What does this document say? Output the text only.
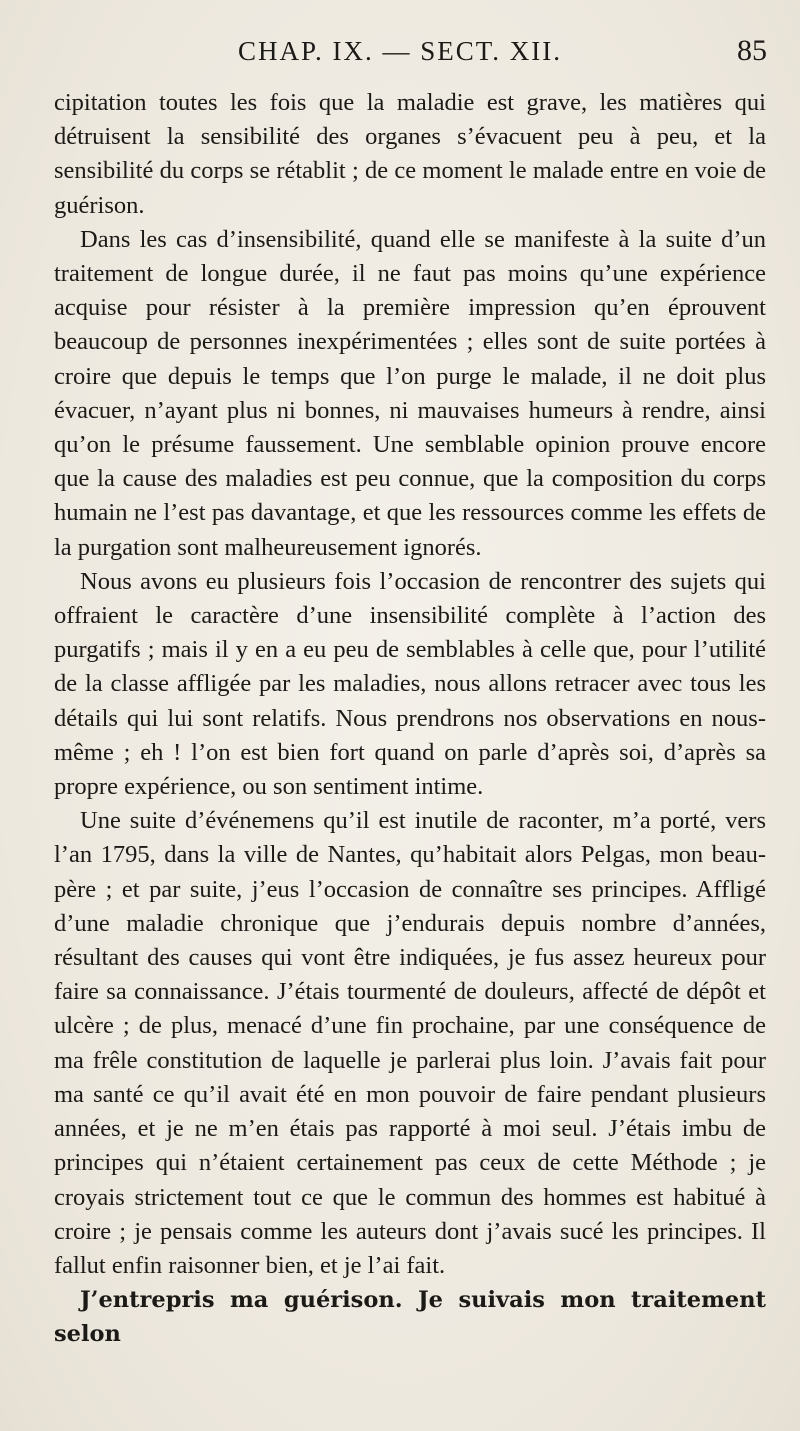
CHAP. IX. — SECT. XII.	85

cipitation toutes les fois que la maladie est grave, les matières qui détruisent la sensibilité des organes s’évacuent peu à peu, et la sensibilité du corps se rétablit ; de ce moment le malade entre en voie de guérison.

Dans les cas d’insensibilité, quand elle se manifeste à la suite d’un traitement de longue durée, il ne faut pas moins qu’une expérience acquise pour résister à la première impression qu’en éprouvent beaucoup de personnes inexpérimentées ; elles sont de suite portées à croire que depuis le temps que l’on purge le malade, il ne doit plus évacuer, n’ayant plus ni bonnes, ni mauvaises humeurs à rendre, ainsi qu’on le présume faussement. Une semblable opinion prouve encore que la cause des maladies est peu connue, que la composition du corps humain ne l’est pas davantage, et que les ressources comme les effets de la purgation sont malheureusement ignorés.

Nous avons eu plusieurs fois l’occasion de rencontrer des sujets qui offraient le caractère d’une insensibilité complète à l’action des purgatifs ; mais il y en a eu peu de semblables à celle que, pour l’utilité de la classe affligée par les maladies, nous allons retracer avec tous les détails qui lui sont relatifs. Nous prendrons nos observations en nous-même ; eh ! l’on est bien fort quand on parle d’après soi, d’après sa propre expérience, ou son sentiment intime.

Une suite d’événemens qu’il est inutile de raconter, m’a porté, vers l’an 1795, dans la ville de Nantes, qu’habitait alors Pelgas, mon beau-père ; et par suite, j’eus l’occasion de connaître ses principes. Affligé d’une maladie chronique que j’endurais depuis nombre d’années, résultant des causes qui vont être indiquées, je fus assez heureux pour faire sa connaissance. J’étais tourmenté de douleurs, affecté de dépôt et ulcère ; de plus, menacé d’une fin prochaine, par une conséquence de ma frêle constitution de laquelle je parlerai plus loin. J’avais fait pour ma santé ce qu’il avait été en mon pouvoir de faire pendant plusieurs années, et je ne m’en étais pas rapporté à moi seul. J’étais imbu de principes qui n’étaient certainement pas ceux de cette Méthode ; je croyais strictement tout ce que le commun des hommes est habitué à croire ; je pensais comme les auteurs dont j’avais sucé les principes. Il fallut enfin raisonner bien, et je l’ai fait.

J’entrepris ma guérison. Je suivais mon traitement selon
